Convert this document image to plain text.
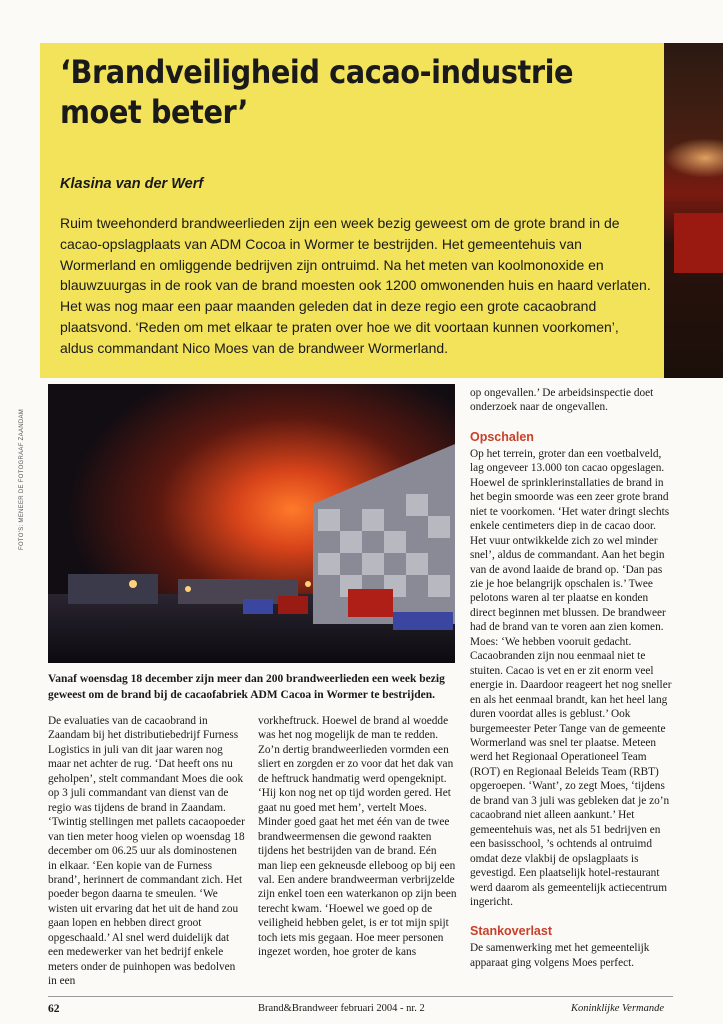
‘Brandveiligheid cacao-industrie moet beter’
Klasina van der Werf

Ruim tweehonderd brandweerlieden zijn een week bezig geweest om de grote brand in de cacao-opslagplaats van ADM Cocoa in Wormer te bestrijden. Het gemeentehuis van Wormerland en omliggende bedrijven zijn ontruimd. Na het meten van koolmonoxide en blauwzuurgas in de rook van de brand moesten ook 1200 omwonenden huis en haard verlaten. Het was nog maar een paar maanden geleden dat in deze regio een grote cacaobrand plaatsvond. ‘Reden om met elkaar te praten over hoe we dit voortaan kunnen voorkomen’, aldus commandant Nico Moes van de brandweer Wormerland.

FOTO'S: MENEER DE FOTOGRAAF ZAANDAM

Vanaf woensdag 18 december zijn meer dan 200 brandweerlieden een week bezig geweest om de brand bij de cacaofabriek ADM Cacoa in Wormer te bestrijden.

De evaluaties van de cacaobrand in Zaandam bij het distributiebedrijf Furness Logistics in juli van dit jaar waren nog maar net achter de rug. ‘Dat heeft ons nu geholpen’, stelt commandant Moes die ook op 3 juli commandant van dienst van de regio was tijdens de brand in Zaandam. ‘Twintig stellingen met pallets cacaopoeder van tien meter hoog vielen op woensdag 18 december om 06.25 uur als dominostenen in elkaar. ‘Een kopie van de Furness brand’, herinnert de commandant zich. Het poeder begon daarna te smeulen. ‘We wisten uit ervaring dat het uit de hand zou gaan lopen en hebben direct groot opgeschaald.’ Al snel werd duidelijk dat een medewerker van het bedrijf enkele meters onder de puinhopen was bedolven in een

vorkheftruck. Hoewel de brand al woedde was het nog mogelijk de man te redden. Zo’n dertig brandweerlieden vormden een sliert en zorgden er zo voor dat het dak van de heftruck handmatig werd opengeknipt. ‘Hij kon nog net op tijd worden gered. Het gaat nu goed met hem’, vertelt Moes.

Minder goed gaat het met één van de twee brandweermensen die gewond raakten tijdens het bestrijden van de brand. Eén man liep een gekneusde elleboog op bij een val. Een andere brandweerman verbrijzelde zijn enkel toen een waterkanon op zijn been terecht kwam. ‘Hoewel we goed op de veiligheid hebben gelet, is er tot mijn spijt toch iets mis gegaan. Hoe meer personen ingezet worden, hoe groter de kans

op ongevallen.’ De arbeidsinspectie doet onderzoek naar de ongevallen.

Opschalen

Op het terrein, groter dan een voetbalveld, lag ongeveer 13.000 ton cacao opgeslagen. Hoewel de sprinklerinstallaties de brand in het begin smoorde was een zeer grote brand niet te voorkomen. ‘Het water dringt slechts enkele centimeters diep in de cacao door. Het vuur ontwikkelde zich zo wel minder snel’, aldus de commandant. Aan het begin van de avond laaide de brand op. ‘Dan pas zie je hoe belangrijk opschalen is.’ Twee pelotons waren al ter plaatse en konden direct beginnen met blussen. De brandweer had de brand van te voren aan zien komen. Moes: ‘We hebben vooruit gedacht. Cacaobranden zijn nou eenmaal niet te stuiten. Cacao is vet en er zit enorm veel energie in. Daardoor reageert het nog sneller en als het eenmaal brandt, kan het heel lang duren voordat alles is geblust.’ Ook burgemeester Peter Tange van de gemeente Wormerland was snel ter plaatse. Meteen werd het Regionaal Operationeel Team (ROT) en Regionaal Beleids Team (RBT) opgeroepen. ‘Want’, zo zegt Moes, ‘tijdens de brand van 3 juli was gebleken dat je zo’n cacaobrand niet alleen aankunt.’ Het gemeentehuis was, net als 51 bedrijven en een basisschool, ’s ochtends al ontruimd omdat deze vlakbij de opslagplaats is gevestigd. Een plaatselijk hotel-restaurant werd daarom als gemeentelijk actiecentrum ingericht.

Stankoverlast

De samenwerking met het gemeentelijk apparaat ging volgens Moes perfect.

62	Brand&Brandweer februari 2004 - nr. 2	Koninklijke Vermande
